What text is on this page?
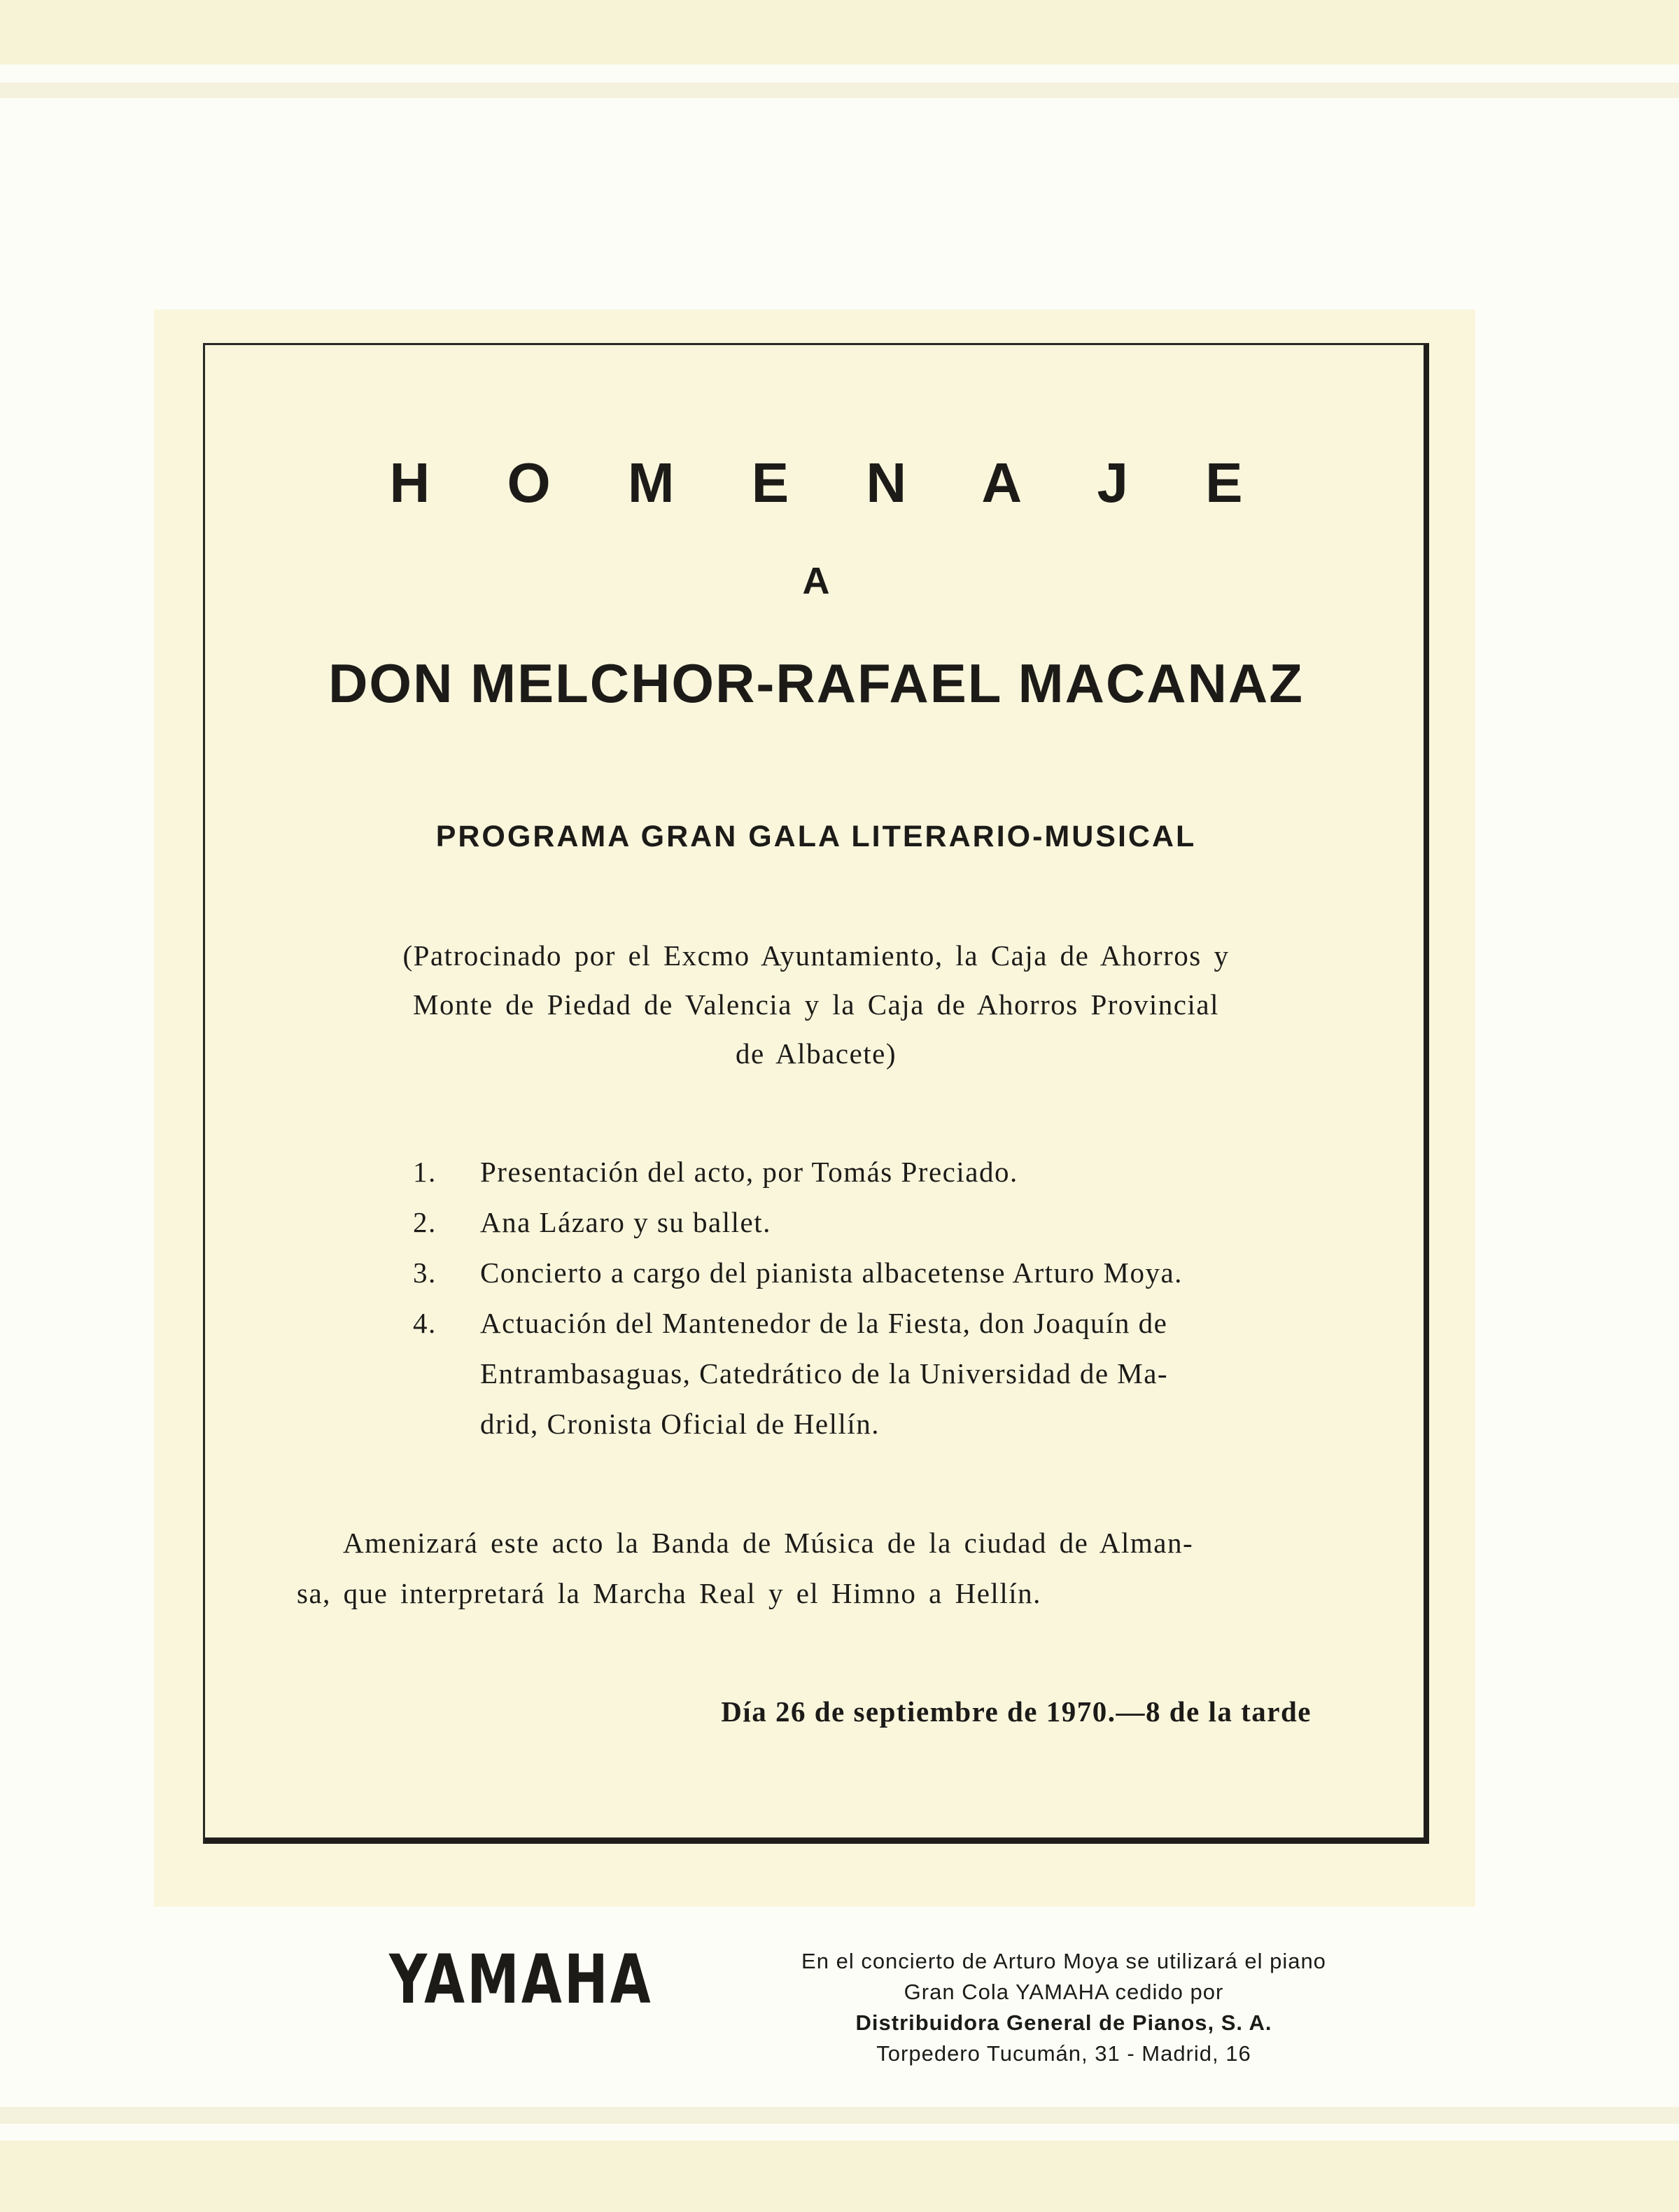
H O M E N A J E
A
DON MELCHOR-RAFAEL MACANAZ
PROGRAMA GRAN GALA LITERARIO-MUSICAL
(Patrocinado por el Excmo Ayuntamiento, la Caja de Ahorros y
Monte de Piedad de Valencia y la Caja de Ahorros Provincial
de Albacete)
1. Presentación del acto, por Tomás Preciado.
2. Ana Lázaro y su ballet.
3. Concierto a cargo del pianista albacetense Arturo Moya.
4. Actuación del Mantenedor de la Fiesta, don Joaquín de
Entrambasaguas, Catedrático de la Universidad de Ma-
drid, Cronista Oficial de Hellín.
Amenizará este acto la Banda de Música de la ciudad de Alman-
sa, que interpretará la Marcha Real y el Himno a Hellín.
Día 26 de septiembre de 1970.—8 de la tarde
YAMAHA	En el concierto de Arturo Moya se utilizará el piano
Gran Cola YAMAHA cedido por
Distribuidora General de Pianos, S. A.
Torpedero Tucumán, 31 - Madrid, 16
